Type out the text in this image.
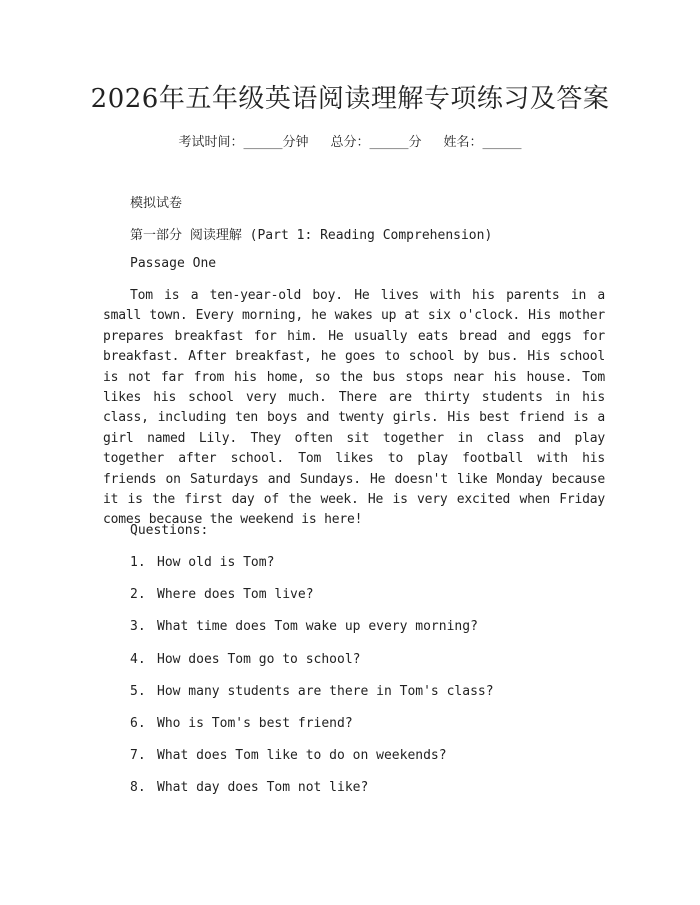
2026年五年级英语阅读理解专项练习及答案
考试时间：______分钟 总分：______分 姓名：______
模拟试卷
第一部分 阅读理解 (Part 1: Reading Comprehension)
Passage One
Tom is a ten-year-old boy. He lives with his parents in a small town. Every morning, he wakes up at six o'clock. His mother prepares breakfast for him. He usually eats bread and eggs for breakfast. After breakfast, he goes to school by bus. His school is not far from his home, so the bus stops near his house. Tom likes his school very much. There are thirty students in his class, including ten boys and twenty girls. His best friend is a girl named Lily. They often sit together in class and play together after school. Tom likes to play football with his friends on Saturdays and Sundays. He doesn't like Monday because it is the first day of the week. He is very excited when Friday comes because the weekend is here!
Questions:
1. How old is Tom?
2. Where does Tom live?
3. What time does Tom wake up every morning?
4. How does Tom go to school?
5. How many students are there in Tom's class?
6. Who is Tom's best friend?
7. What does Tom like to do on weekends?
8. What day does Tom not like?
